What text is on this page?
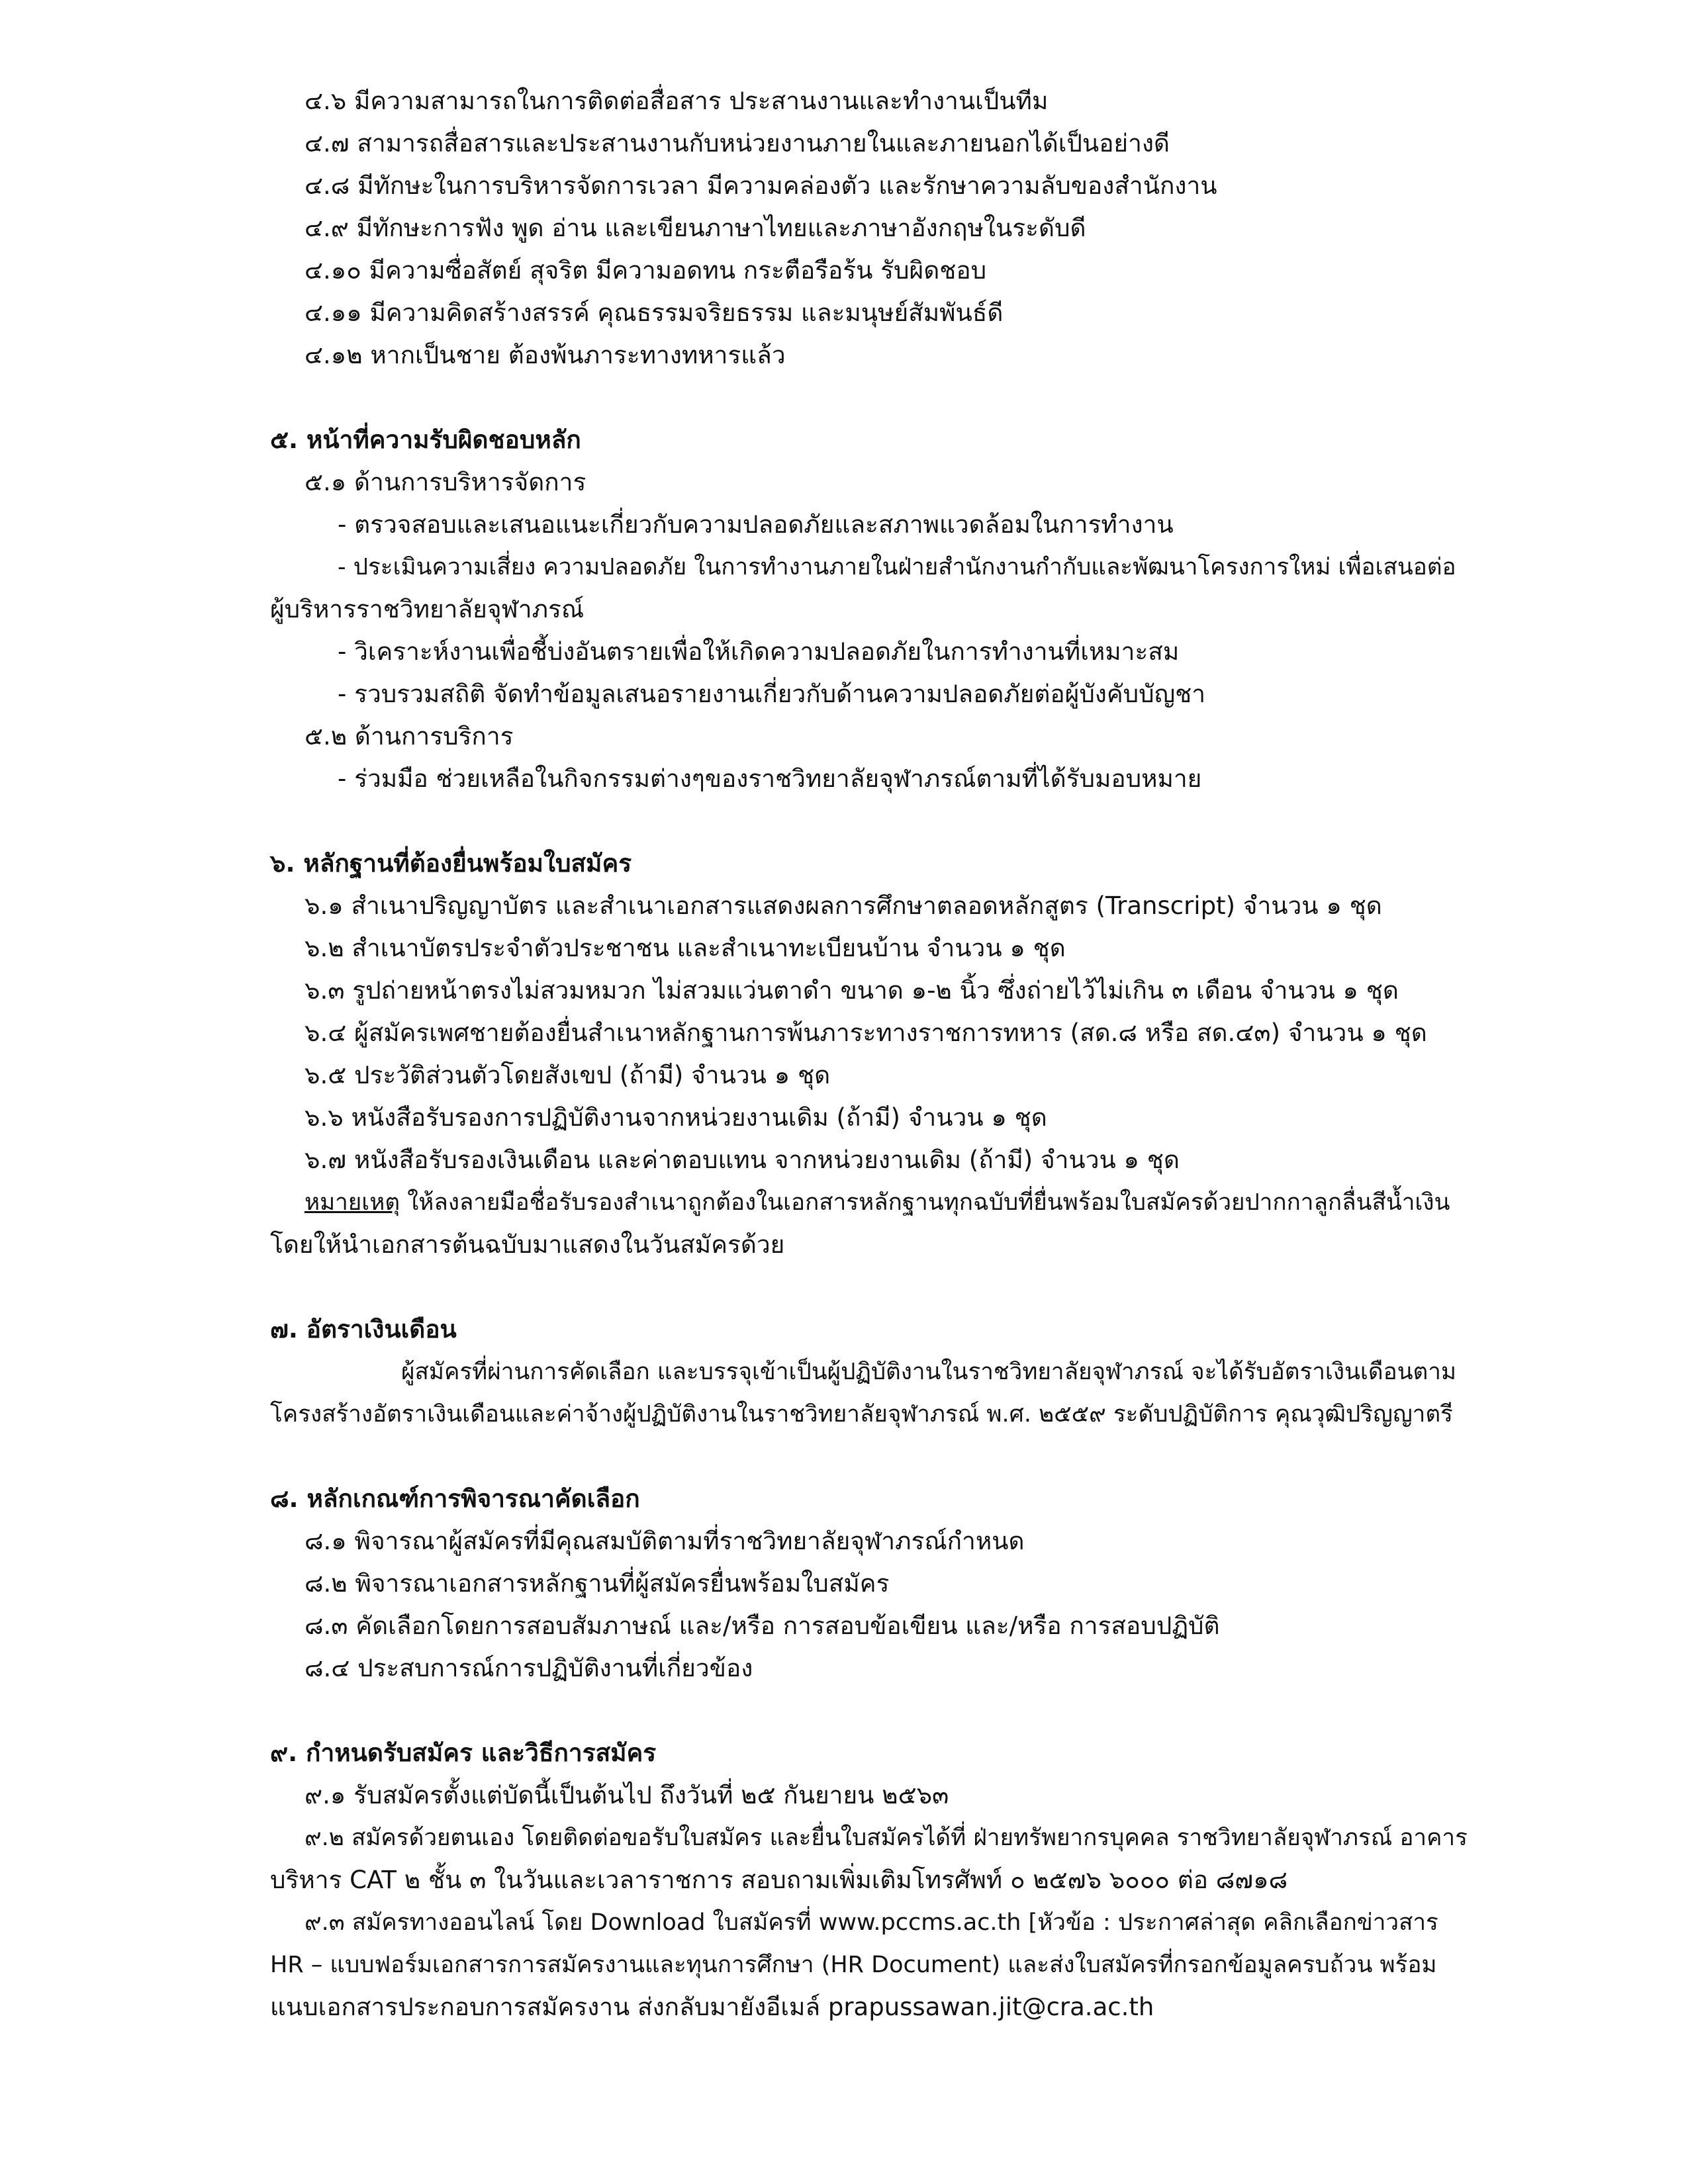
๔.๖ มีความสามารถในการติดต่อสื่อสาร ประสานงานและทำงานเป็นทีม
๔.๗ สามารถสื่อสารและประสานงานกับหน่วยงานภายในและภายนอกได้เป็นอย่างดี
๔.๘ มีทักษะในการบริหารจัดการเวลา มีความคล่องตัว และรักษาความลับของสำนักงาน
๔.๙ มีทักษะการฟัง พูด อ่าน และเขียนภาษาไทยและภาษาอังกฤษในระดับดี
๔.๑๐ มีความซื่อสัตย์ สุจริต มีความอดทน กระตือรือร้น รับผิดชอบ
๔.๑๑ มีความคิดสร้างสรรค์ คุณธรรมจริยธรรม และมนุษย์สัมพันธ์ดี
๔.๑๒ หากเป็นชาย ต้องพ้นภาระทางทหารแล้ว
๕. หน้าที่ความรับผิดชอบหลัก
๕.๑ ด้านการบริหารจัดการ
- ตรวจสอบและเสนอแนะเกี่ยวกับความปลอดภัยและสภาพแวดล้อมในการทำงาน
- ประเมินความเสี่ยง ความปลอดภัย ในการทำงานภายในฝ่ายสำนักงานกำกับและพัฒนาโครงการใหม่ เพื่อเสนอต่อ
ผู้บริหารราชวิทยาลัยจุฬาภรณ์
- วิเคราะห์งานเพื่อชี้บ่งอันตรายเพื่อให้เกิดความปลอดภัยในการทำงานที่เหมาะสม
- รวบรวมสถิติ จัดทำข้อมูลเสนอรายงานเกี่ยวกับด้านความปลอดภัยต่อผู้บังคับบัญชา
๕.๒ ด้านการบริการ
- ร่วมมือ ช่วยเหลือในกิจกรรมต่างๆของราชวิทยาลัยจุฬาภรณ์ตามที่ได้รับมอบหมาย
๖. หลักฐานที่ต้องยื่นพร้อมใบสมัคร
๖.๑ สำเนาปริญญาบัตร และสำเนาเอกสารแสดงผลการศึกษาตลอดหลักสูตร (Transcript) จำนวน ๑ ชุด
๖.๒ สำเนาบัตรประจำตัวประชาชน และสำเนาทะเบียนบ้าน จำนวน ๑ ชุด
๖.๓ รูปถ่ายหน้าตรงไม่สวมหมวก ไม่สวมแว่นตาดำ ขนาด ๑-๒ นิ้ว ซึ่งถ่ายไว้ไม่เกิน ๓ เดือน จำนวน ๑ ชุด
๖.๔ ผู้สมัครเพศชายต้องยื่นสำเนาหลักฐานการพ้นภาระทางราชการทหาร (สด.๘ หรือ สด.๔๓) จำนวน ๑ ชุด
๖.๕ ประวัติส่วนตัวโดยสังเขป (ถ้ามี) จำนวน ๑ ชุด
๖.๖ หนังสือรับรองการปฏิบัติงานจากหน่วยงานเดิม (ถ้ามี) จำนวน ๑ ชุด
๖.๗ หนังสือรับรองเงินเดือน และค่าตอบแทน จากหน่วยงานเดิม (ถ้ามี) จำนวน ๑ ชุด
หมายเหตุ ให้ลงลายมือชื่อรับรองสำเนาถูกต้องในเอกสารหลักฐานทุกฉบับที่ยื่นพร้อมใบสมัครด้วยปากกาลูกลื่นสีน้ำเงิน
โดยให้นำเอกสารต้นฉบับมาแสดงในวันสมัครด้วย
๗. อัตราเงินเดือน
ผู้สมัครที่ผ่านการคัดเลือก และบรรจุเข้าเป็นผู้ปฏิบัติงานในราชวิทยาลัยจุฬาภรณ์ จะได้รับอัตราเงินเดือนตาม
โครงสร้างอัตราเงินเดือนและค่าจ้างผู้ปฏิบัติงานในราชวิทยาลัยจุฬาภรณ์ พ.ศ. ๒๕๕๙ ระดับปฏิบัติการ คุณวุฒิปริญญาตรี
๘. หลักเกณฑ์การพิจารณาคัดเลือก
๘.๑ พิจารณาผู้สมัครที่มีคุณสมบัติตามที่ราชวิทยาลัยจุฬาภรณ์กำหนด
๘.๒ พิจารณาเอกสารหลักฐานที่ผู้สมัครยื่นพร้อมใบสมัคร
๘.๓ คัดเลือกโดยการสอบสัมภาษณ์ และ/หรือ การสอบข้อเขียน และ/หรือ การสอบปฏิบัติ
๘.๔ ประสบการณ์การปฏิบัติงานที่เกี่ยวข้อง
๙. กำหนดรับสมัคร และวิธีการสมัคร
๙.๑ รับสมัครตั้งแต่บัดนี้เป็นต้นไป ถึงวันที่ ๒๕ กันยายน ๒๕๖๓
๙.๒ สมัครด้วยตนเอง โดยติดต่อขอรับใบสมัคร และยื่นใบสมัครได้ที่ ฝ่ายทรัพยากรบุคคล ราชวิทยาลัยจุฬาภรณ์ อาคาร
บริหาร CAT ๒ ชั้น ๓ ในวันและเวลาราชการ สอบถามเพิ่มเติมโทรศัพท์ ๐ ๒๕๗๖ ๖๐๐๐ ต่อ ๘๗๑๘
๙.๓ สมัครทางออนไลน์ โดย Download ใบสมัครที่ www.pccms.ac.th [หัวข้อ : ประกาศล่าสุด คลิกเลือกข่าวสาร
HR – แบบฟอร์มเอกสารการสมัครงานและทุนการศึกษา (HR Document) และส่งใบสมัครที่กรอกข้อมูลครบถ้วน พร้อม
แนบเอกสารประกอบการสมัครงาน ส่งกลับมายังอีเมล์ prapussawan.jit@cra.ac.th
